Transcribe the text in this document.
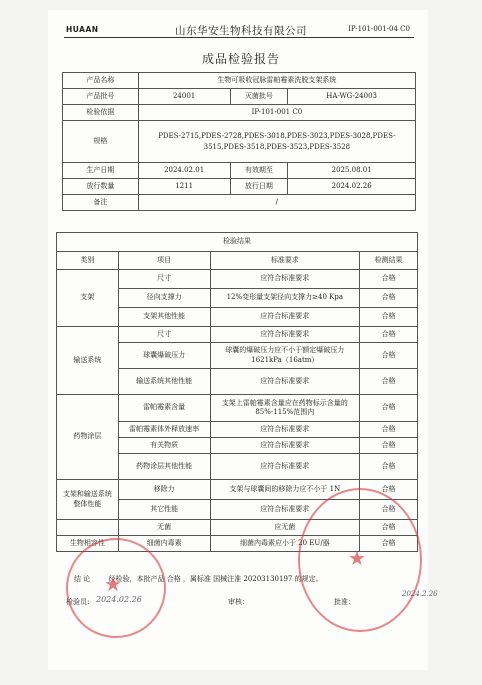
HUAAN	山东华安生物科技有限公司	IP-101-001-04 C0
成品检验报告
产品名称	生物可吸收冠脉雷帕霉素洗脱支架系统		
产品批号	24001	灭菌批号	HA-WG-24003
检验依据	IP-101-001 C0		
规格	PDES-2715,PDES-2728,PDES-3018,PDES-3023,PDES-3028,PDES-3515,PDES-3518,PDES-3523,PDES-3528		
生产日期	2024.02.01	有效期至	2025.08.01
放行数量	1211	放行日期	2024.02.26
备注	/		
检验结果			
类别	项目	标准要求	检测结果
支架	尺寸	应符合标准要求	合格
	径向支撑力	12%变形量支架径向支撑力≥40 Kpa	合格
	支架其他性能	应符合标准要求	合格
输送系统	尺寸	应符合标准要求	合格
	球囊爆破压力	球囊的爆破压力应不小于额定爆破压力 1621kPa（16atm）	合格
	输送系统其他性能	应符合标准要求	合格
药物涂层	雷帕霉素含量	支架上雷帕霉素含量应在药物标示含量的 85%-115%范围内	合格
	雷帕霉素体外释放速率	应符合标准要求	合格
	有关物质	应符合标准要求	合格
	药物涂层其他性能	应符合标准要求	合格
支架和输送系统整体性能	移除力	支架与球囊间的移除力应不小于 1N	合格
	其它性能	应符合标准要求	合格
	无菌	应无菌	合格
生物相容性	细菌内毒素	细菌内毒素应小于 20 EU/器	合格
结 论	经检验，本批产品 合格 ，属标准 国械注准 20203130197 的规定。
检验员: 2024.02.26	审核：	批准：
2024.2.26
★
★
